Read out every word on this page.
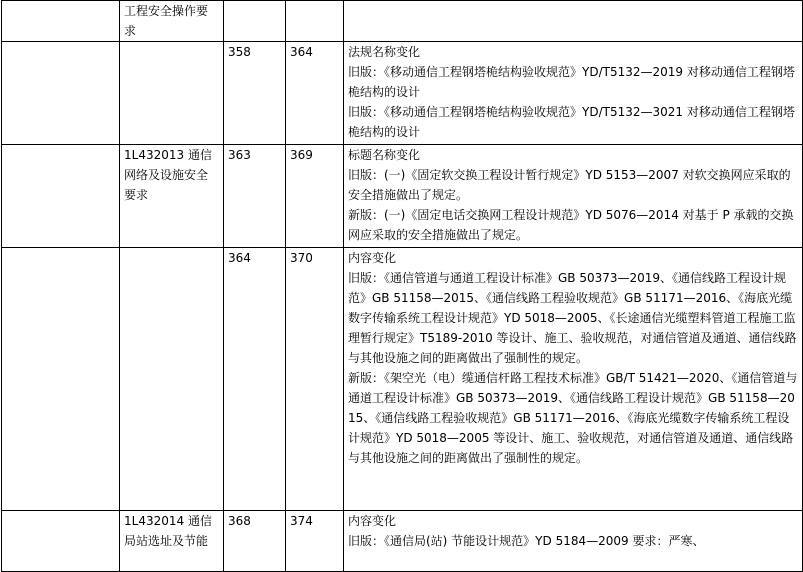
	工程安全操作要求			
		358	364	法规名称变化
旧版：《移动通信工程钢塔桅结构验收规范》YD/T5132—2019 对移动通信工程钢塔桅结构的设计
旧版：《移动通信工程钢塔桅结构验收规范》YD/T5132—3021 对移动通信工程钢塔桅结构的设计

	1L432013 通信网络及设施安全要求	363	369	标题名称变化
旧版：(一)《固定软交换工程设计暂行规定》YD 5153—2007 对软交换网应采取的安全措施做出了规定。
新版：(一)《固定电话交换网工程设计规范》YD 5076—2014 对基于 P 承载的交换网应采取的安全措施做出了规定。

		364	370	内容变化
旧版：《通信管道与通道工程设计标准》GB 50373—2019、《通信线路工程设计规范》GB 51158—2015、《通信线路工程验收规范》GB 51171—2016、《海底光缆数字传输系统工程设计规范》YD 5018—2005、《长途通信光缆塑料管道工程施工监理暂行规定》T5189-2010 等设计、施工、验收规范，对通信管道及通道、通信线路与其他设施之间的距离做出了强制性的规定。
新版：《架空光（电）缆通信杆路工程技术标准》GB/T 51421—2020、《通信管道与通道工程设计标准》GB 50373—2019、《通信线路工程设计规范》GB 51158—2015、《通信线路工程验收规范》GB 51171—2016、《海底光缆数字传输系统工程设计规范》YD 5018—2005 等设计、施工、验收规范，对通信管道及通道、通信线路与其他设施之间的距离做出了强制性的规定。

	1L432014 通信局站选址及节能	368	374	内容变化
旧版：《通信局(站) 节能设计规范》YD 5184—2009 要求：严寒、
